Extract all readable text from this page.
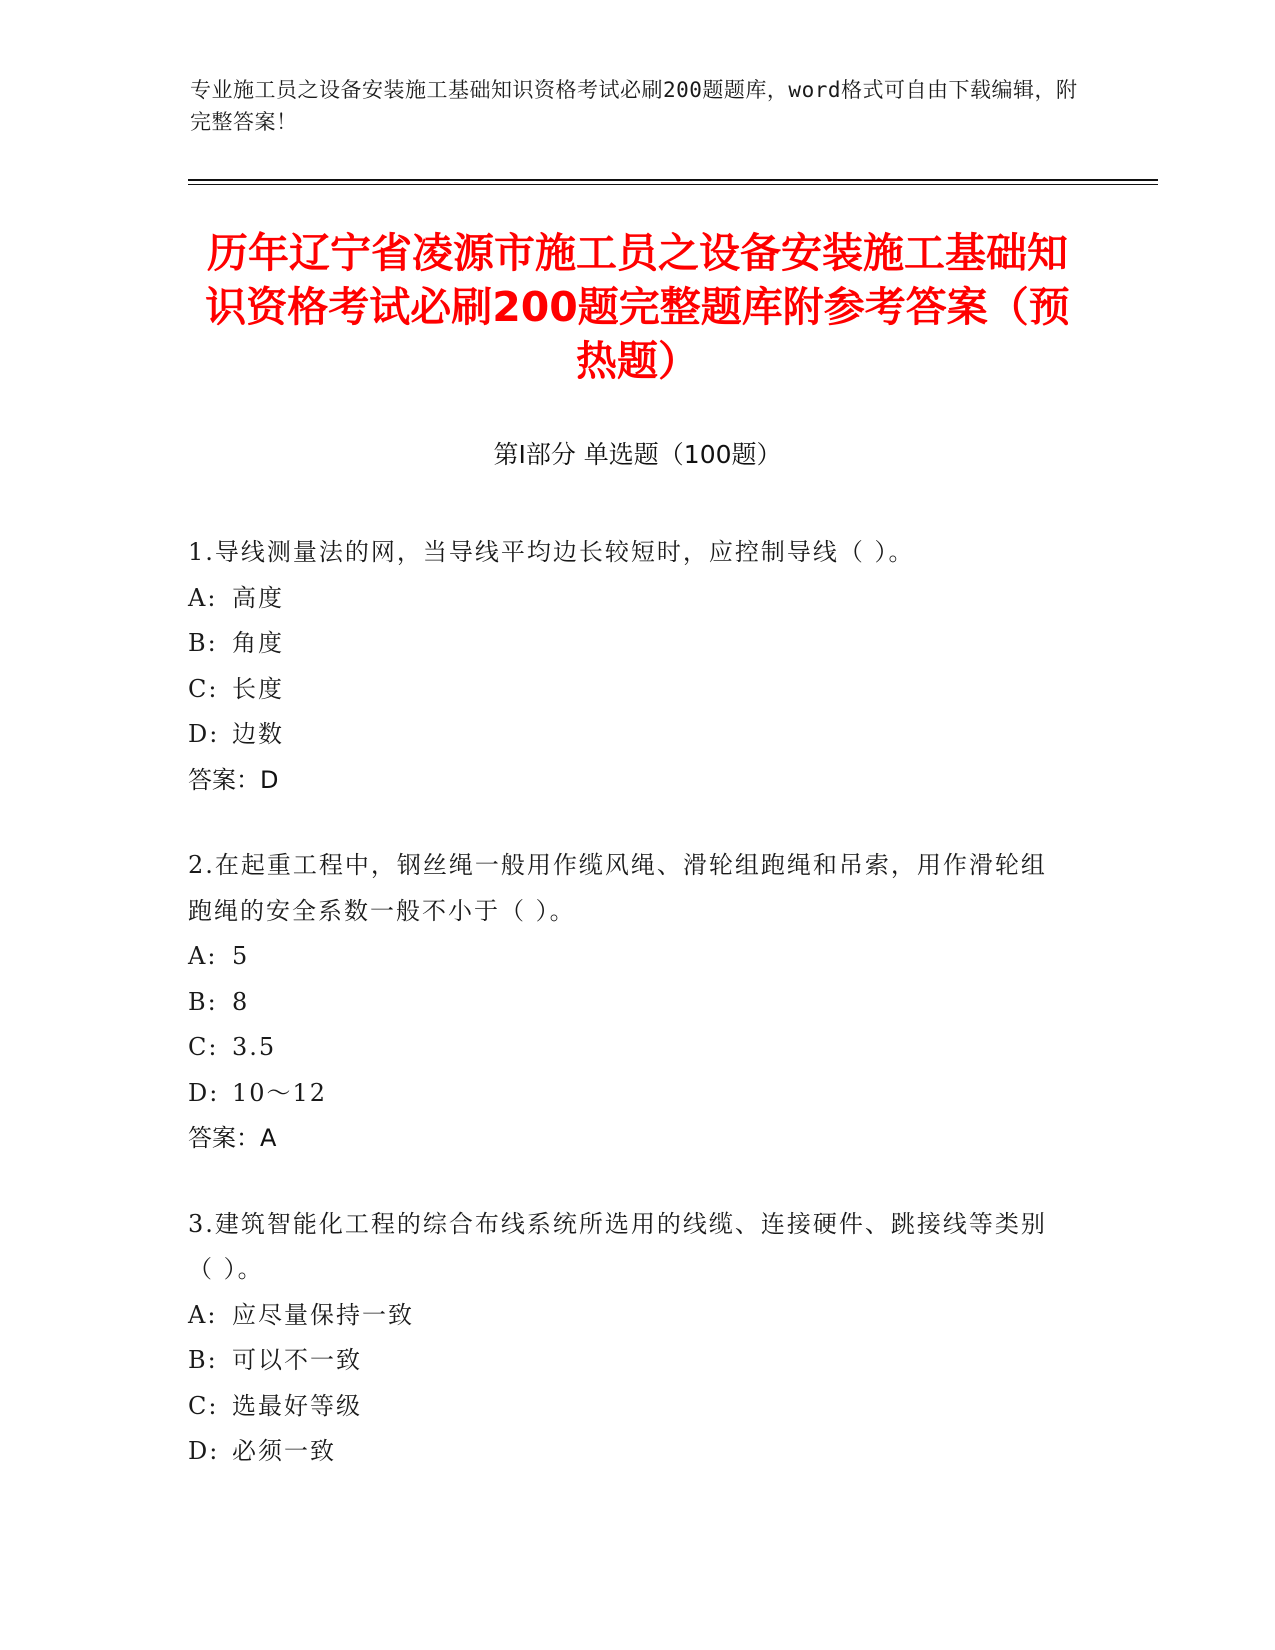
专业施工员之设备安装施工基础知识资格考试必刷200题题库，word格式可自由下载编辑，附完整答案！
历年辽宁省凌源市施工员之设备安装施工基础知识资格考试必刷200题完整题库附参考答案（预热题）
第Ⅰ部分 单选题（100题）
1.导线测量法的网，当导线平均边长较短时，应控制导线（ ）。
A: 高度
B: 角度
C: 长度
D: 边数
答案：D
2.在起重工程中，钢丝绳一般用作缆风绳、滑轮组跑绳和吊索，用作滑轮组跑绳的安全系数一般不小于（ ）。
A: 5
B: 8
C: 3.5
D: 10～12
答案：A
3.建筑智能化工程的综合布线系统所选用的线缆、连接硬件、跳接线等类别（ ）。
A: 应尽量保持一致
B: 可以不一致
C: 选最好等级
D: 必须一致
